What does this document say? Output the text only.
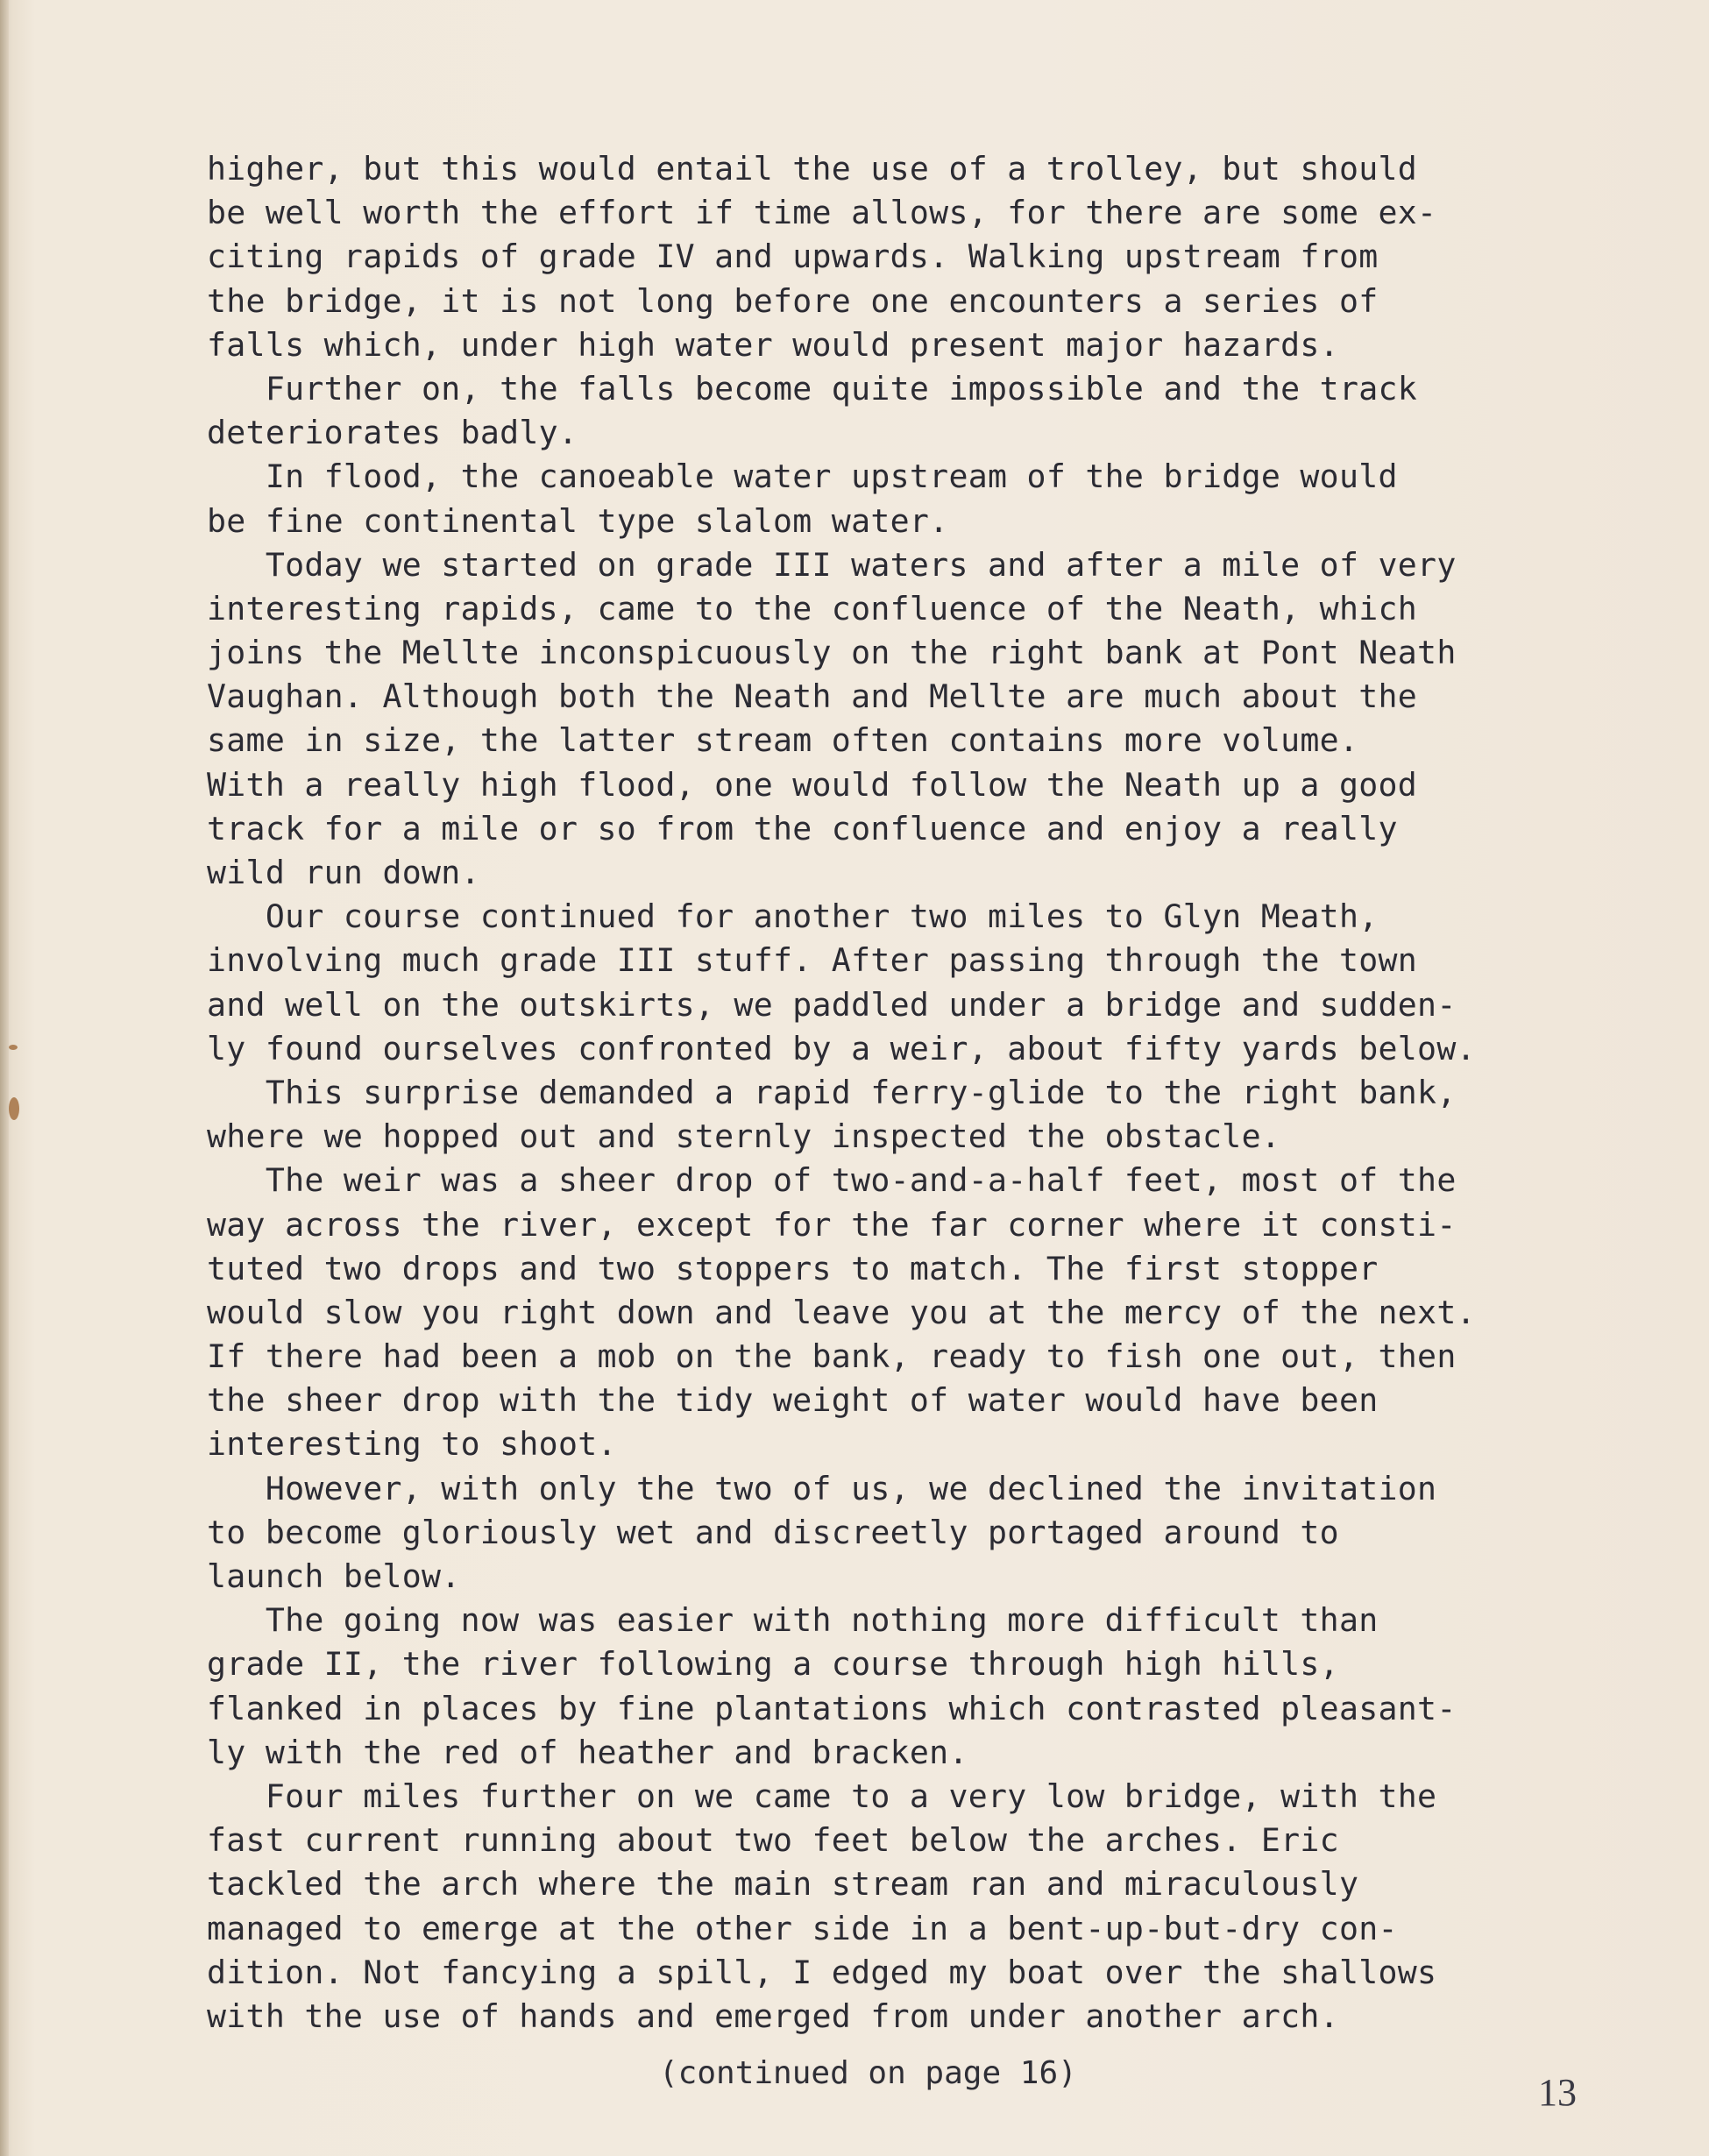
higher, but this would entail the use of a trolley, but should
be well worth the effort if time allows, for there are some ex-
citing rapids of grade IV and upwards. Walking upstream from
the bridge, it is not long before one encounters a series of
falls which, under high water would present major hazards.
Further on, the falls become quite impossible and the track
deteriorates badly.
In flood, the canoeable water upstream of the bridge would
be fine continental type slalom water.
Today we started on grade III waters and after a mile of very
interesting rapids, came to the confluence of the Neath, which
joins the Mellte inconspicuously on the right bank at Pont Neath
Vaughan. Although both the Neath and Mellte are much about the
same in size, the latter stream often contains more volume.
With a really high flood, one would follow the Neath up a good
track for a mile or so from the confluence and enjoy a really
wild run down.
Our course continued for another two miles to Glyn Meath,
involving much grade III stuff. After passing through the town
and well on the outskirts, we paddled under a bridge and sudden-
ly found ourselves confronted by a weir, about fifty yards below.
This surprise demanded a rapid ferry-glide to the right bank,
where we hopped out and sternly inspected the obstacle.
The weir was a sheer drop of two-and-a-half feet, most of the
way across the river, except for the far corner where it consti-
tuted two drops and two stoppers to match. The first stopper
would slow you right down and leave you at the mercy of the next.
If there had been a mob on the bank, ready to fish one out, then
the sheer drop with the tidy weight of water would have been
interesting to shoot.
However, with only the two of us, we declined the invitation
to become gloriously wet and discreetly portaged around to
launch below.
The going now was easier with nothing more difficult than
grade II, the river following a course through high hills,
flanked in places by fine plantations which contrasted pleasant-
ly with the red of heather and bracken.
Four miles further on we came to a very low bridge, with the
fast current running about two feet below the arches. Eric
tackled the arch where the main stream ran and miraculously
managed to emerge at the other side in a bent-up-but-dry con-
dition. Not fancying a spill, I edged my boat over the shallows
with the use of hands and emerged from under another arch.
(continued on page 16)	13
